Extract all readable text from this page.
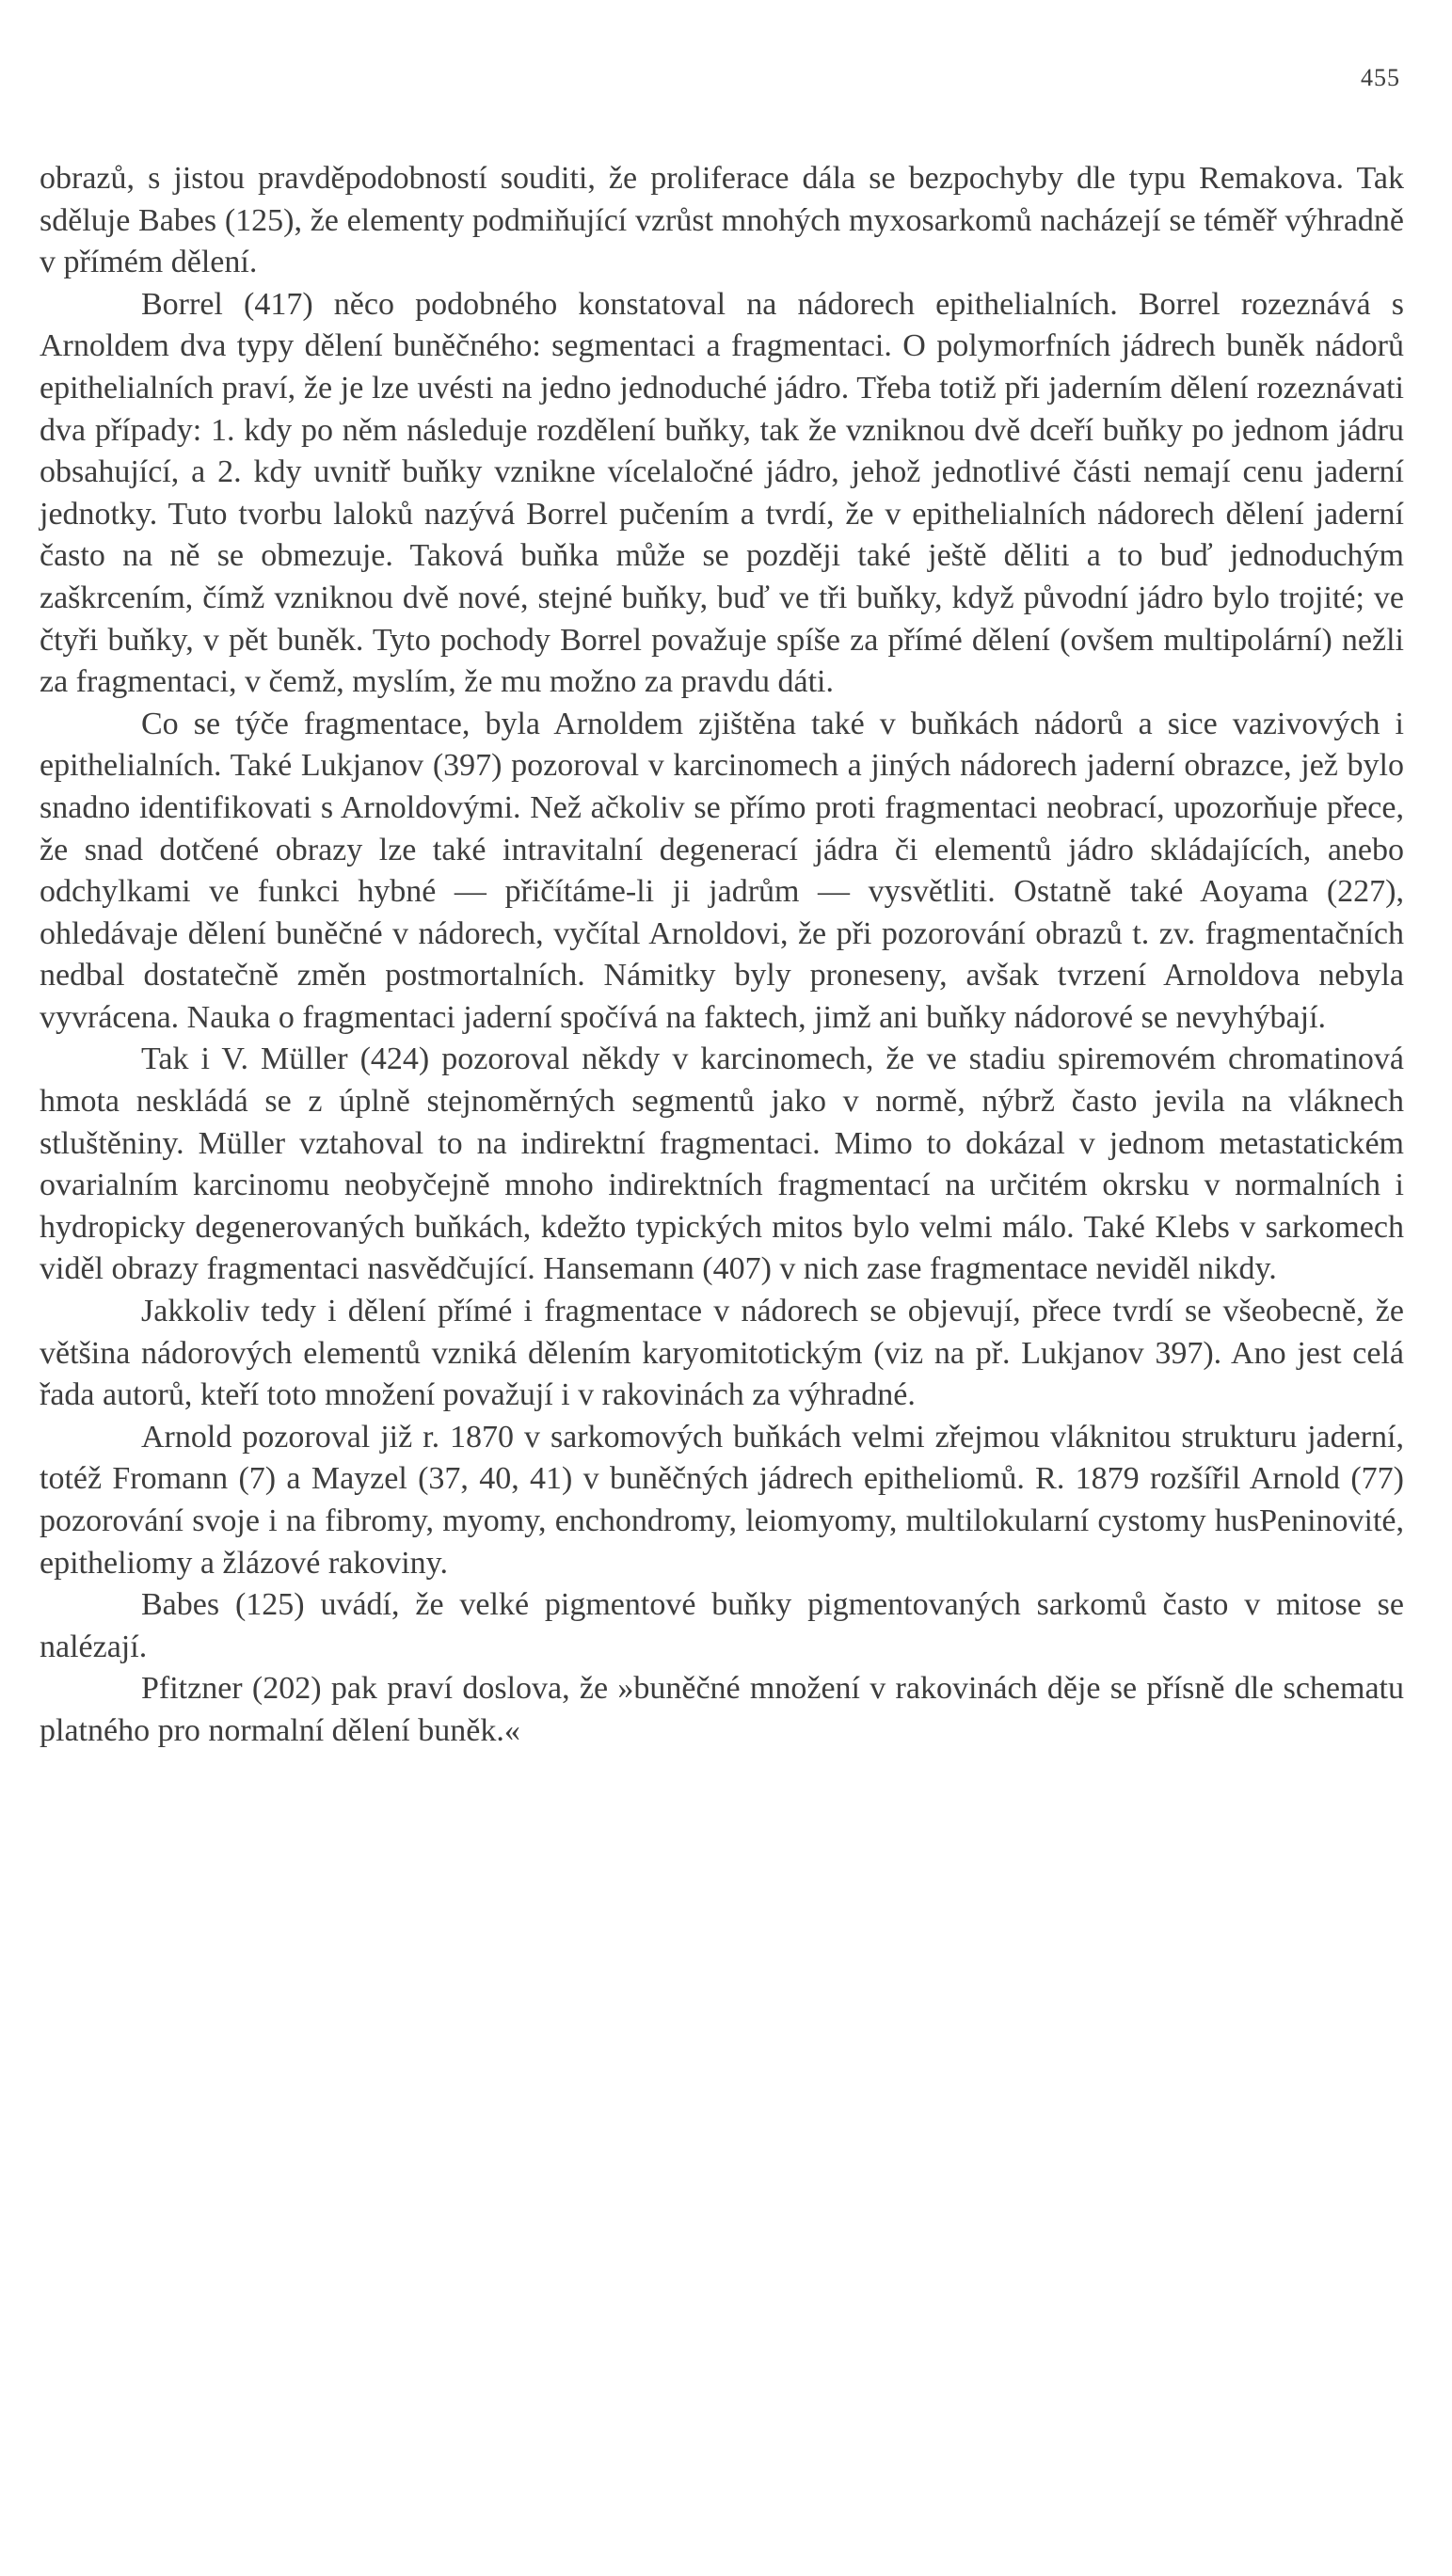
455

obrazů, s jistou pravděpodobností souditi, že proliferace dála se bezpochyby dle typu Remakova. Tak sděluje Babes (125), že elementy podmiňující vzrůst mnohých myxosarkomů nacházejí se téměř výhradně v přímém dělení.

Borrel (417) něco podobného konstatoval na nádorech epithelialních. Borrel rozeznává s Arnoldem dva typy dělení buněčného: segmentaci a fragmentaci. O polymorfních jádrech buněk nádorů epithelialních praví, že je lze uvésti na jedno jednoduché jádro. Třeba totiž při jaderním dělení rozeznávati dva případy: 1. kdy po něm následuje rozdělení buňky, tak že vzniknou dvě dceří buňky po jednom jádru obsahující, a 2. kdy uvnitř buňky vznikne vícelaločné jádro, jehož jednotlivé části nemají cenu jaderní jednotky. Tuto tvorbu laloků nazývá Borrel pučením a tvrdí, že v epithelialních nádorech dělení jaderní často na ně se obmezuje. Taková buňka může se později také ještě děliti a to buď jednoduchým zaškrcením, čímž vzniknou dvě nové, stejné buňky, buď ve tři buňky, když původní jádro bylo trojité; ve čtyři buňky, v pět buněk. Tyto pochody Borrel považuje spíše za přímé dělení (ovšem multipolární) nežli za fragmentaci, v čemž, myslím, že mu možno za pravdu dáti.

Co se týče fragmentace, byla Arnoldem zjištěna také v buňkách nádorů a sice vazivových i epithelialních. Také Lukjanov (397) pozoroval v karcinomech a jiných nádorech jaderní obrazce, jež bylo snadno identifikovati s Arnoldovými. Než ačkoliv se přímo proti fragmentaci neobrací, upozorňuje přece, že snad dotčené obrazy lze také intravitalní degenerací jádra či elementů jádro skládajících, anebo odchylkami ve funkci hybné — přičítáme-li ji jadrům — vysvětliti. Ostatně také Aoyama (227), ohledávaje dělení buněčné v nádorech, vyčítal Arnoldovi, že při pozorování obrazů t. zv. fragmentačních nedbal dostatečně změn postmortalních. Námitky byly proneseny, avšak tvrzení Arnoldova nebyla vyvrácena. Nauka o fragmentaci jaderní spočívá na faktech, jimž ani buňky nádorové se nevyhýbají.

Tak i V. Müller (424) pozoroval někdy v karcinomech, že ve stadiu spiremovém chromatinová hmota neskládá se z úplně stejnoměrných segmentů jako v normě, nýbrž často jevila na vláknech stluštěniny. Müller vztahoval to na indirektní fragmentaci. Mimo to dokázal v jednom metastatickém ovarialním karcinomu neobyčejně mnoho indirektních fragmentací na určitém okrsku v normalních i hydropicky degenerovaných buňkách, kdežto typických mitos bylo velmi málo. Také Klebs v sarkomech viděl obrazy fragmentaci nasvědčující. Hansemann (407) v nich zase fragmentace neviděl nikdy.

Jakkoliv tedy i dělení přímé i fragmentace v nádorech se objevují, přece tvrdí se všeobecně, že většina nádorových elementů vzniká dělením karyomitotickým (viz na př. Lukjanov 397). Ano jest celá řada autorů, kteří toto množení považují i v rakovinách za výhradné.

Arnold pozoroval již r. 1870 v sarkomových buňkách velmi zřejmou vláknitou strukturu jaderní, totéž Fromann (7) a Mayzel (37, 40, 41) v buněčných jádrech epitheliomů. R. 1879 rozšířil Arnold (77) pozorování svoje i na fibromy, myomy, enchondromy, leiomyomy, multilokularní cystomy husPeninovité, epitheliomy a žlázové rakoviny.

Babes (125) uvádí, že velké pigmentové buňky pigmentovaných sarkomů často v mitose se nalézají.

Pfitzner (202) pak praví doslova, že »buněčné množení v rakovinách děje se přísně dle schematu platného pro normalní dělení buněk.«
